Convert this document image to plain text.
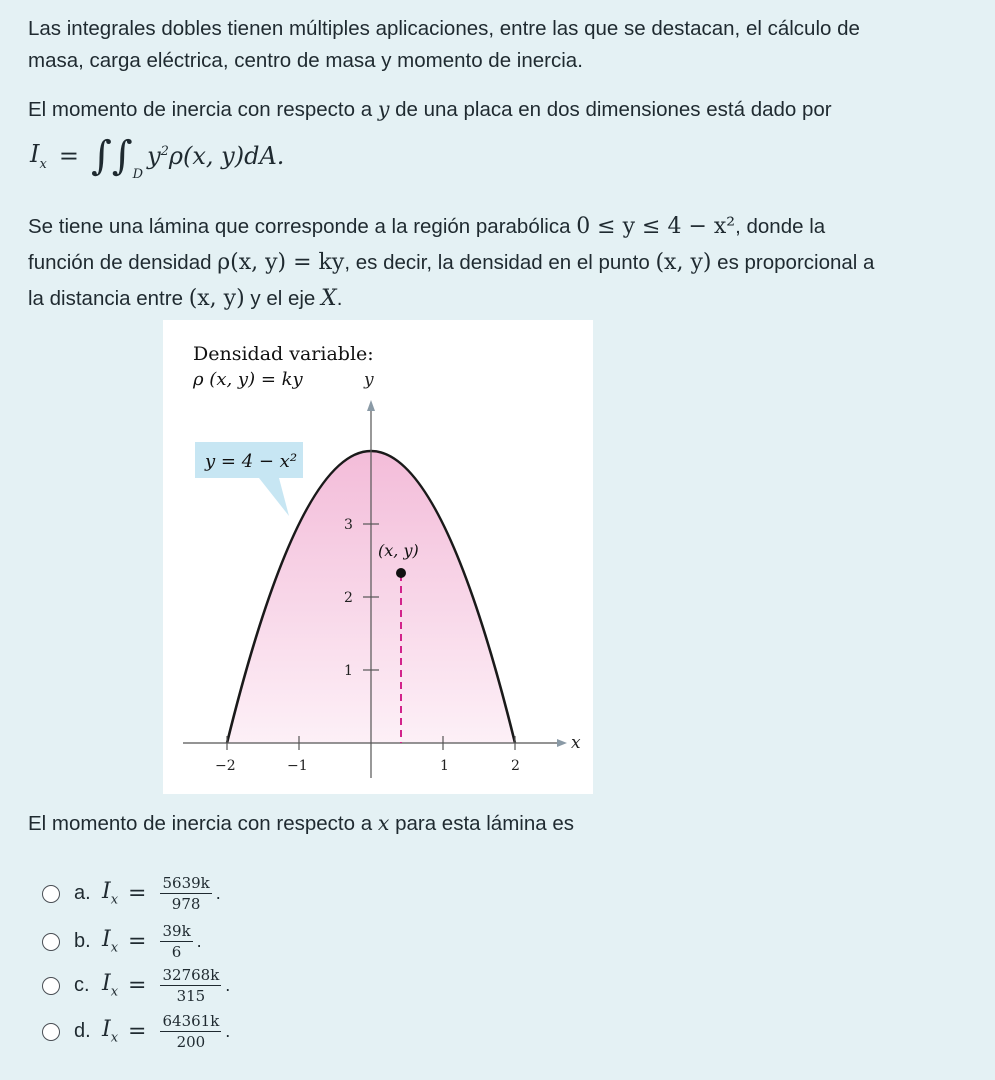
Las integrales dobles tienen múltiples aplicaciones, entre las que se destacan, el cálculo de
masa, carga eléctrica, centro de masa y momento de inercia.
El momento de inercia con respecto a y de una placa en dos dimensiones está dado por
$I_x$ = ∫ ∫ D
$y^2\rho(x$, y)dA.
Se tiene una lámina que corresponde a la región parabólica 0 ≤ y ≤ 4 − x², donde la
función de densidad ρ(x, y) = ky, es decir, la densidad en el punto (x, y) es proporcional a
la distancia entre (x, y) y el eje X.
−2	−1	1	2
1
2
3
y
x
Densidad variable:
ρ (x, y) = ky
y = 4 − x²
(x, y)
El momento de inercia con respecto a x para esta lámina es
a. $I_x = \frac{5639k}{978}$ .
b. $I_x = \frac{39k}{6}$ .
c. $I_x = \frac{32768k}{315}$ .
d. $I_x = \frac{64361k}{200}$ .
